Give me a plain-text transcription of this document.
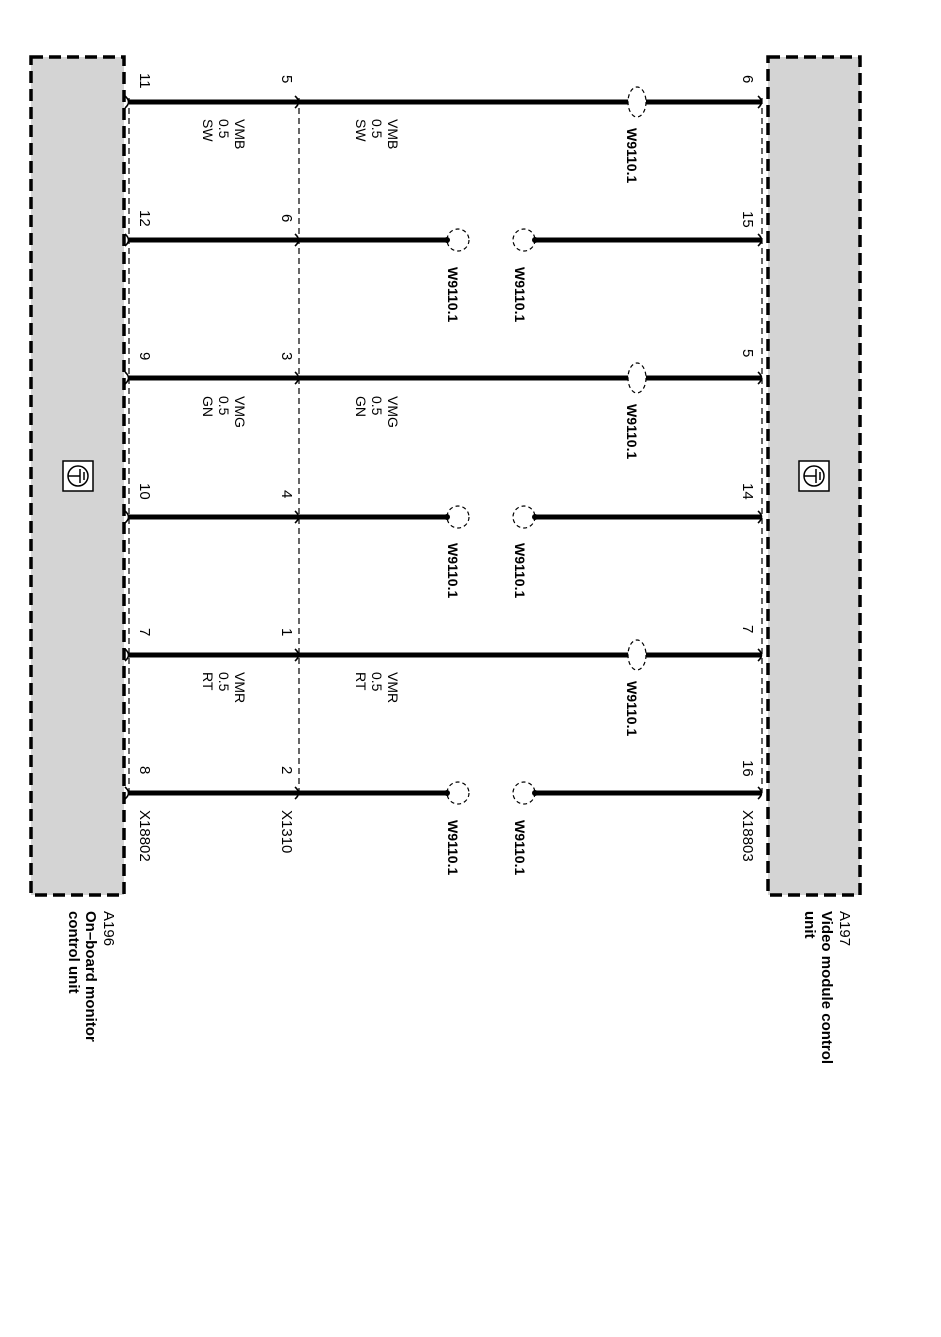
6
15
5
14
7
16
X18803
5
6
3
4
1
2
X1310
11
12
9
10
7
8
X18802
W9110.1
W9110.1
W9110.1
W9110.1
W9110.1
W9110.1
W9110.1
W9110.1
W9110.1
VMB
0.5
SW
VMG
0.5
GN
VMR
0.5
RT
VMB
0.5
SW
VMG
0.5
GN
VMR
0.5
RT
A197
Video module control
unit
A196
On–board monitor
control unit
